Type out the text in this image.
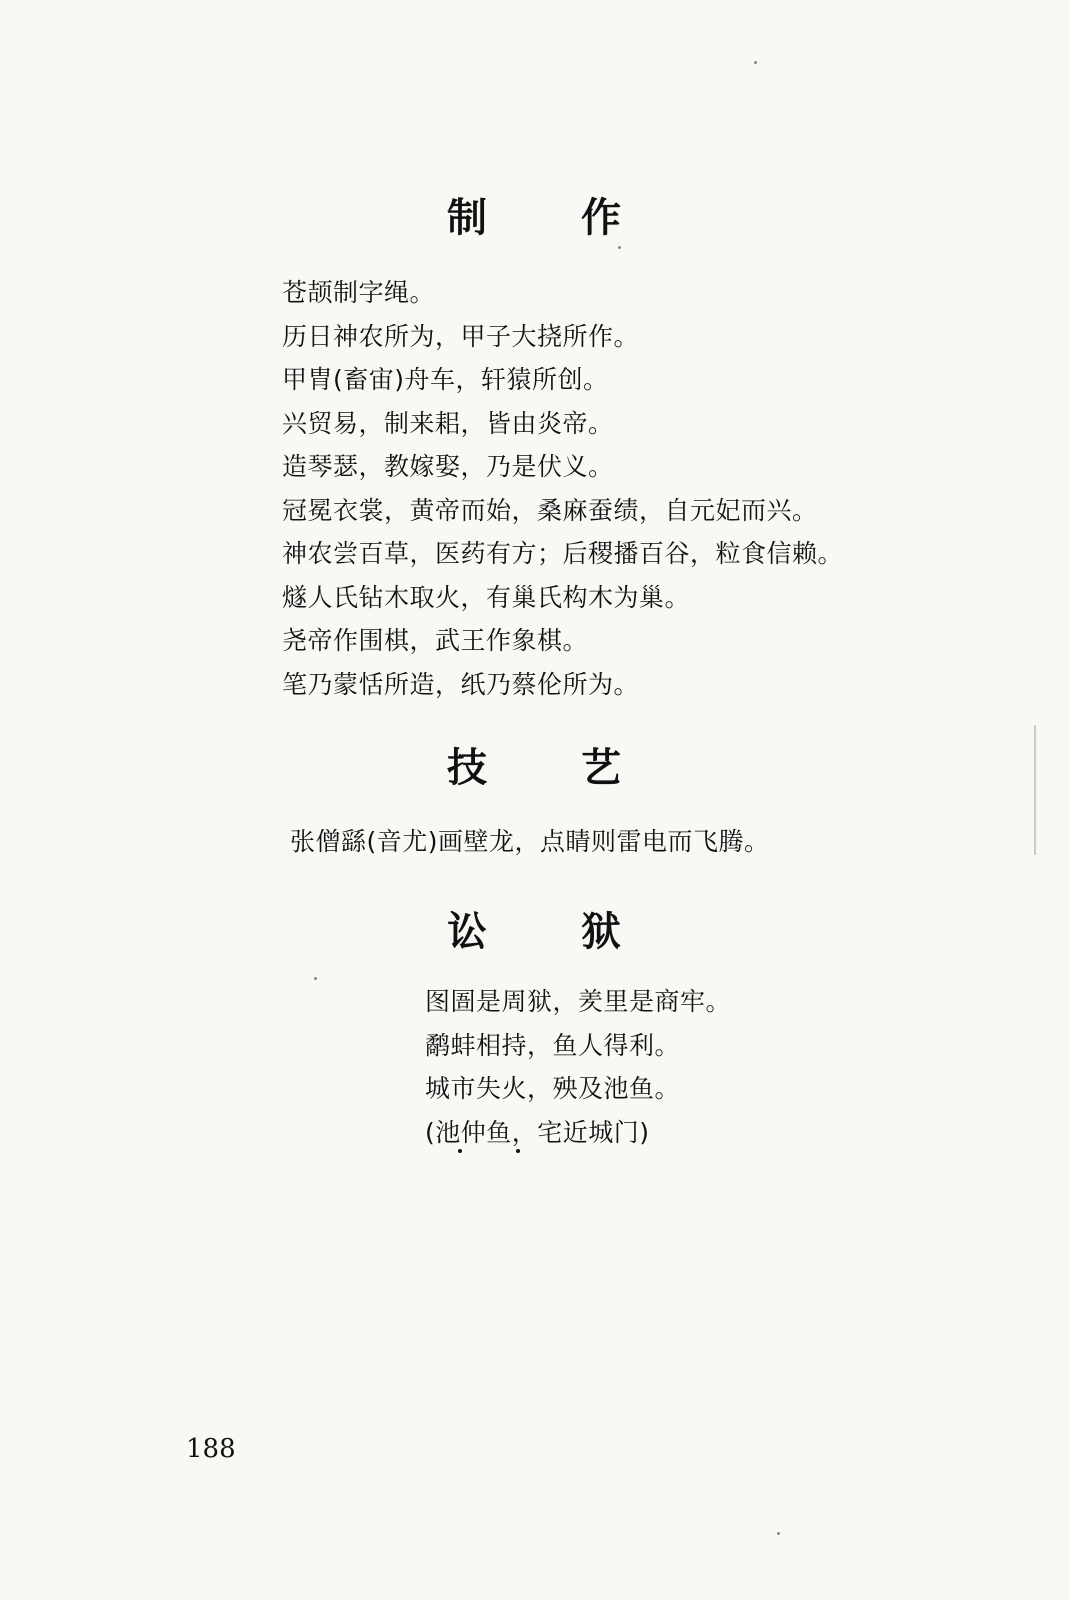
制 作
苍颉制字绳。
历日神农所为，甲子大挠所作。
甲胄(畜宙)舟车，轩猿所创。
兴贸易，制来耜，皆由炎帝。
造琴瑟，教嫁娶，乃是伏义。
冠冕衣裳，黄帝而始，桑麻蚕绩，自元妃而兴。
神农尝百草，医药有方；后稷播百谷，粒食信赖。
燧人氏钻木取火，有巢氏构木为巢。
尧帝作围棋，武王作象棋。
笔乃蒙恬所造，纸乃蔡伦所为。
技 艺
张僧繇(音尤)画壁龙，点睛则雷电而飞腾。
讼 狱
图圄是周狱，羑里是商牢。
鹬蚌相持，鱼人得利。
城市失火，殃及池鱼。
(池仲鱼，宅近城门)
188
